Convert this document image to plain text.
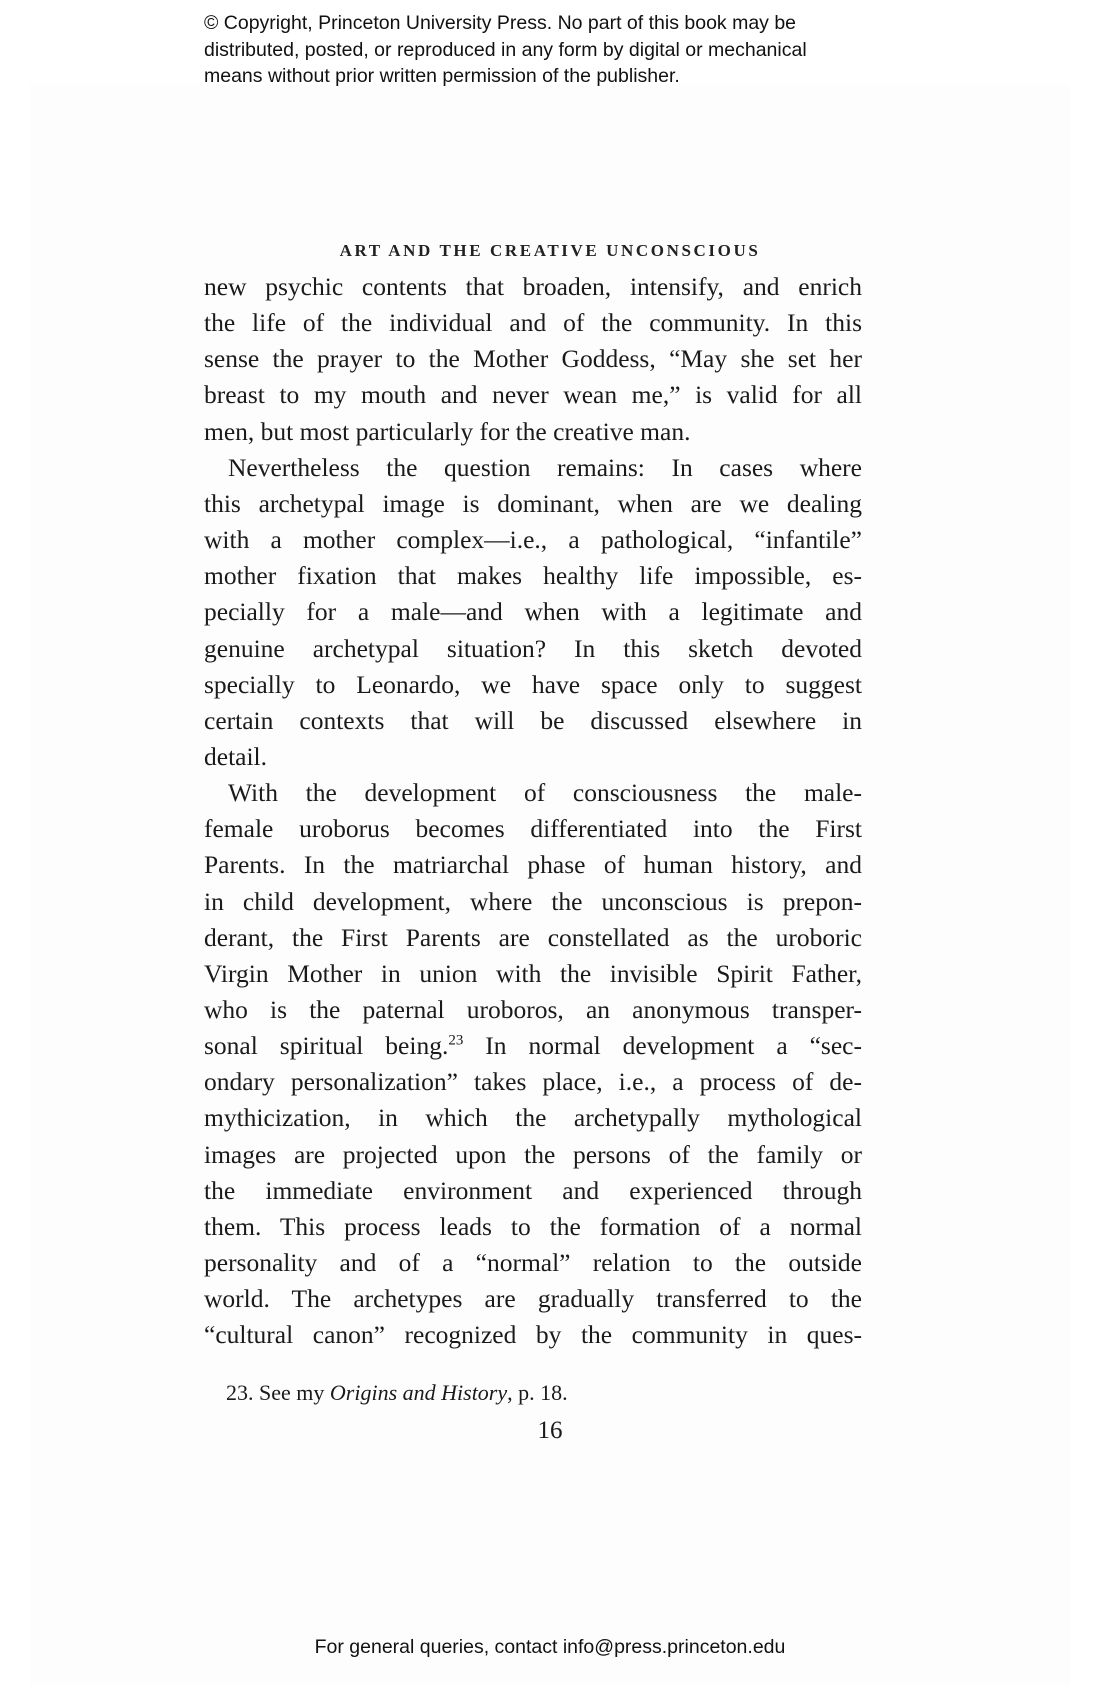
© Copyright, Princeton University Press. No part of this book may be
distributed, posted, or reproduced in any form by digital or mechanical
means without prior written permission of the publisher.
ART AND THE CREATIVE UNCONSCIOUS
new psychic contents that broaden, intensify, and enrich
the life of the individual and of the community. In this
sense the prayer to the Mother Goddess, “May she set her
breast to my mouth and never wean me,” is valid for all
men, but most particularly for the creative man.
Nevertheless the question remains: In cases where
this archetypal image is dominant, when are we dealing
with a mother complex—i.e., a pathological, “infantile”
mother fixation that makes healthy life impossible, es-
pecially for a male—and when with a legitimate and
genuine archetypal situation? In this sketch devoted
specially to Leonardo, we have space only to suggest
certain contexts that will be discussed elsewhere in
detail.
With the development of consciousness the male-
female uroborus becomes differentiated into the First
Parents. In the matriarchal phase of human history, and
in child development, where the unconscious is prepon-
derant, the First Parents are constellated as the uroboric
Virgin Mother in union with the invisible Spirit Father,
who is the paternal uroboros, an anonymous transper-
sonal spiritual being.$^{23}$ In normal development a “sec-
ondary personalization” takes place, i.e., a process of de-
mythicization, in which the archetypally mythological
images are projected upon the persons of the family or
the immediate environment and experienced through
them. This process leads to the formation of a normal
personality and of a “normal” relation to the outside
world. The archetypes are gradually transferred to the
“cultural canon” recognized by the community in ques-
23. See my Origins and History, p. 18.
16
For general queries, contact info@press.princeton.edu
